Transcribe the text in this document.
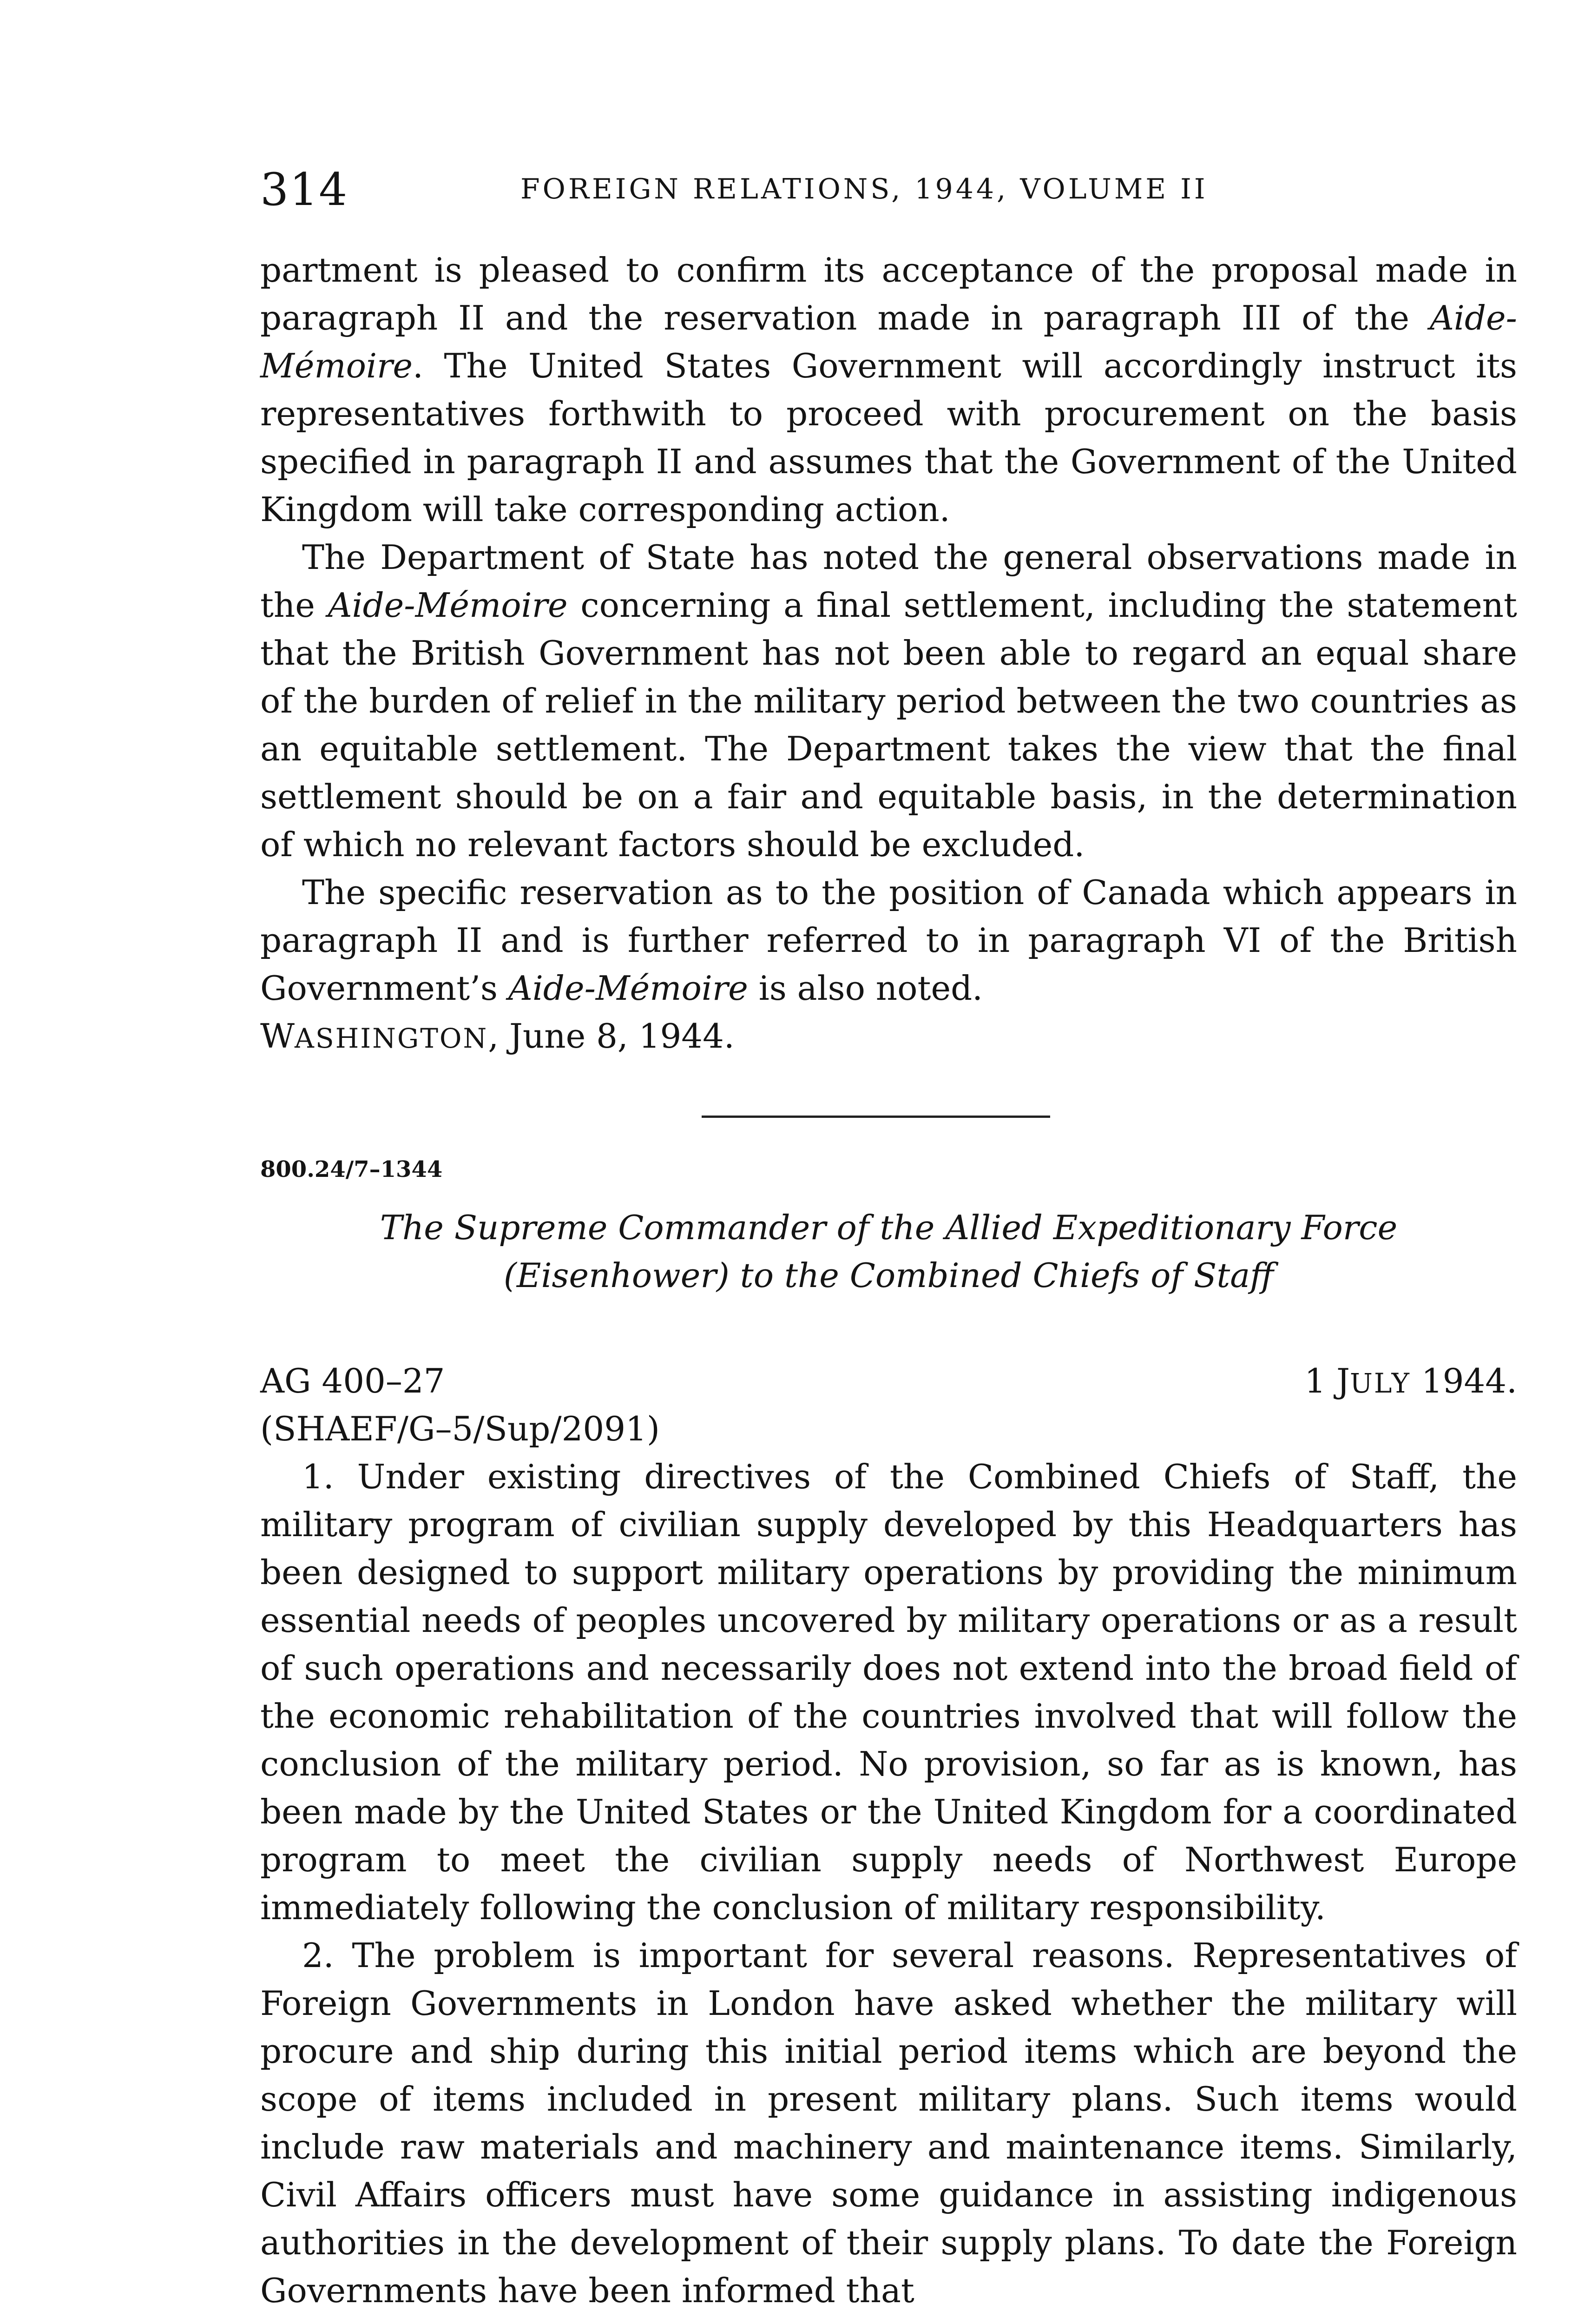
314	FOREIGN RELATIONS, 1944, VOLUME II

partment is pleased to confirm its acceptance of the proposal made in paragraph II and the reservation made in paragraph III of the Aide-Mémoire. The United States Government will accordingly instruct its representatives forthwith to proceed with procurement on the basis specified in paragraph II and assumes that the Government of the United Kingdom will take corresponding action.

The Department of State has noted the general observations made in the Aide-Mémoire concerning a final settlement, including the statement that the British Government has not been able to regard an equal share of the burden of relief in the military period between the two countries as an equitable settlement. The Department takes the view that the final settlement should be on a fair and equitable basis, in the determination of which no relevant factors should be excluded.

The specific reservation as to the position of Canada which appears in paragraph II and is further referred to in paragraph VI of the British Government’s Aide-Mémoire is also noted.

WASHINGTON, June 8, 1944.

800.24/7–1344
The Supreme Commander of the Allied Expeditionary Force
(Eisenhower) to the Combined Chiefs of Staff
AG 400–27	1 JULY 1944.
(SHAEF/G–5/Sup/2091)

1. Under existing directives of the Combined Chiefs of Staff, the military program of civilian supply developed by this Headquarters has been designed to support military operations by providing the minimum essential needs of peoples uncovered by military operations or as a result of such operations and necessarily does not extend into the broad field of the economic rehabilitation of the countries involved that will follow the conclusion of the military period. No provision, so far as is known, has been made by the United States or the United Kingdom for a coordinated program to meet the civilian supply needs of Northwest Europe immediately following the conclusion of military responsibility.

2. The problem is important for several reasons. Representatives of Foreign Governments in London have asked whether the military will procure and ship during this initial period items which are beyond the scope of items included in present military plans. Such items would include raw materials and machinery and maintenance items. Similarly, Civil Affairs officers must have some guidance in assisting indigenous authorities in the development of their supply plans. To date the Foreign Governments have been informed that
